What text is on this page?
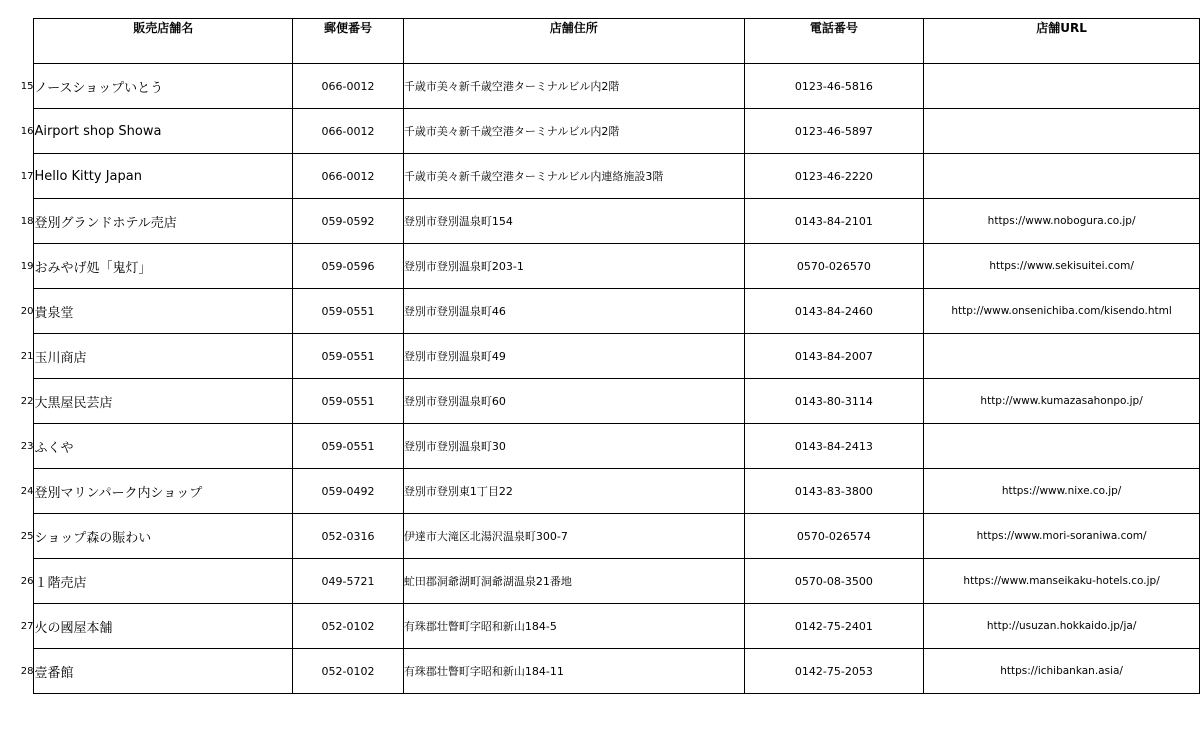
	販売店舗名	郵便番号	店舗住所	電話番号	店舗URL
15	ノースショップいとう	066-0012	千歳市美々新千歳空港ターミナルビル内2階	0123-46-5816	
16	Airport shop Showa	066-0012	千歳市美々新千歳空港ターミナルビル内2階	0123-46-5897	
17	Hello Kitty Japan	066-0012	千歳市美々新千歳空港ターミナルビル内連絡施設3階	0123-46-2220	
18	登別グランドホテル売店	059-0592	登別市登別温泉町154	0143-84-2101	https://www.nobogura.co.jp/
19	おみやげ処「鬼灯」	059-0596	登別市登別温泉町203-1	0570-026570	https://www.sekisuitei.com/
20	貴泉堂	059-0551	登別市登別温泉町46	0143-84-2460	http://www.onsenichiba.com/kisendo.html
21	玉川商店	059-0551	登別市登別温泉町49	0143-84-2007	
22	大黒屋民芸店	059-0551	登別市登別温泉町60	0143-80-3114	http://www.kumazasahonpo.jp/
23	ふくや	059-0551	登別市登別温泉町30	0143-84-2413	
24	登別マリンパーク内ショップ	059-0492	登別市登別東1丁目22	0143-83-3800	https://www.nixe.co.jp/
25	ショップ森の賑わい	052-0316	伊達市大滝区北湯沢温泉町300-7	0570-026574	https://www.mori-soraniwa.com/
26	１階売店	049-5721	虻田郡洞爺湖町洞爺湖温泉21番地	0570-08-3500	https://www.manseikaku-hotels.co.jp/
27	火の國屋本舗	052-0102	有珠郡壮瞥町字昭和新山184-5	0142-75-2401	http://usuzan.hokkaido.jp/ja/
28	壹番館	052-0102	有珠郡壮瞥町字昭和新山184-11	0142-75-2053	https://ichibankan.asia/
